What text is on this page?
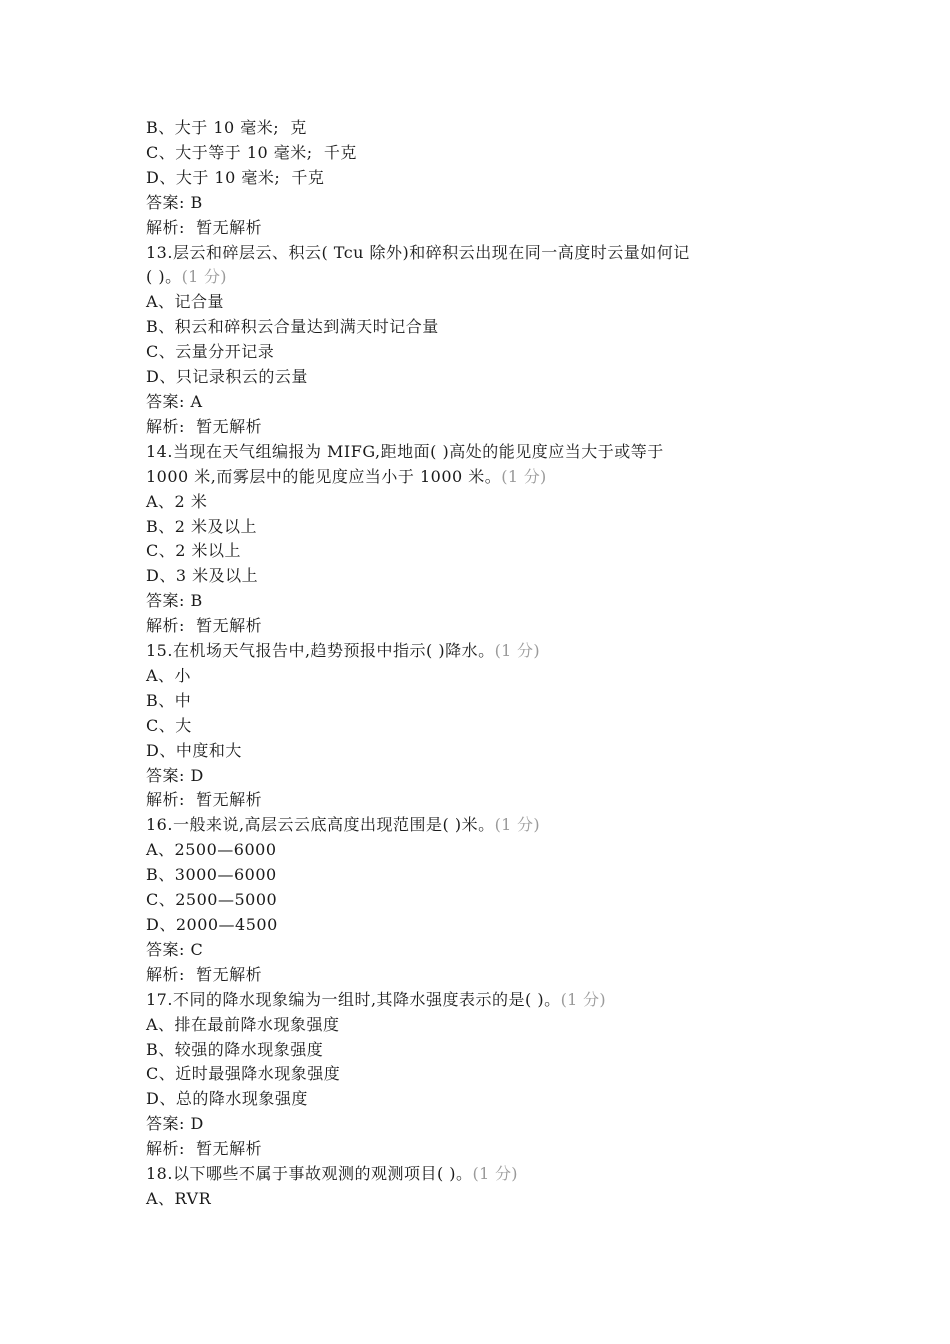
B、大于 10 毫米;  克
C、大于等于 10 毫米;  千克
D、大于 10 毫米;  千克
答案: B
解析:  暂无解析
13.层云和碎层云、积云( Tcu 除外)和碎积云出现在同一高度时云量如何记
( )。(1 分)
A、记合量
B、积云和碎积云合量达到满天时记合量
C、云量分开记录
D、只记录积云的云量
答案: A
解析:  暂无解析
14.当现在天气组编报为 MIFG,距地面( )高处的能见度应当大于或等于
1000 米,而雾层中的能见度应当小于 1000 米。(1 分)
A、2 米
B、2 米及以上
C、2 米以上
D、3 米及以上
答案: B
解析:  暂无解析
15.在机场天气报告中,趋势预报中指示( )降水。(1 分)
A、小
B、中
C、大
D、中度和大
答案: D
解析:  暂无解析
16.一般来说,高层云云底高度出现范围是( )米。(1 分)
A、2500—6000
B、3000—6000
C、2500—5000
D、2000—4500
答案: C
解析:  暂无解析
17.不同的降水现象编为一组时,其降水强度表示的是( )。(1 分)
A、排在最前降水现象强度
B、较强的降水现象强度
C、近时最强降水现象强度
D、总的降水现象强度
答案: D
解析:  暂无解析
18.以下哪些不属于事故观测的观测项目( )。(1 分)
A、RVR
